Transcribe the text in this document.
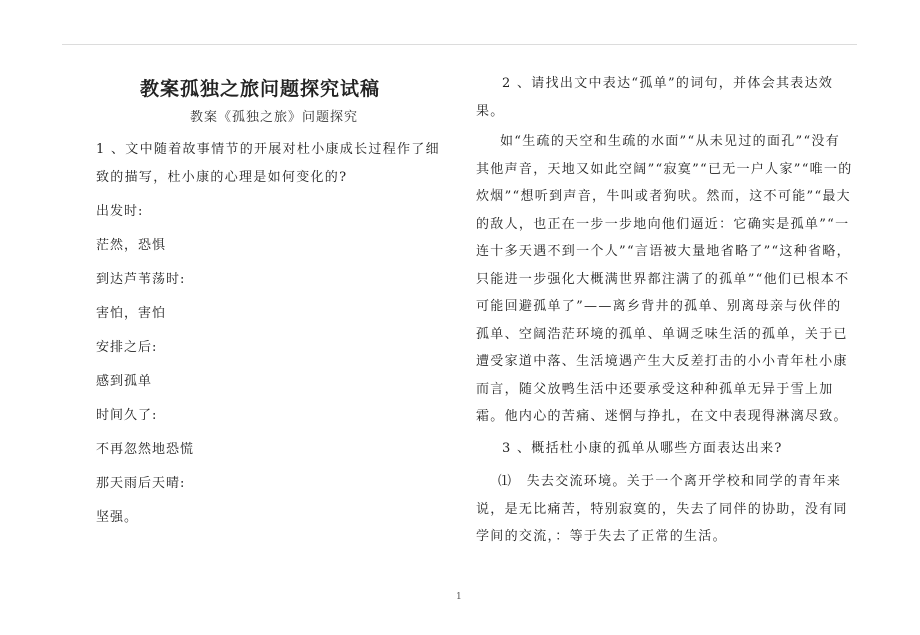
教案孤独之旅问题探究试稿
教案《孤独之旅》问题探究
1 、文中随着故事情节的开展对杜小康成长过程作了细致的描写，杜小康的心理是如何变化的?
出发时:
茫然，恐惧
到达芦苇荡时:
害怕，害怕
安排之后:
感到孤单
时间久了:
不再忽然地恐慌
那天雨后天晴:
坚强。
2 、请找出文中表达“孤单”的词句，并体会其表达效果。
如“生疏的天空和生疏的水面”“从未见过的面孔”“没有其他声音，天地又如此空阔”“寂寞”“已无一户人家”“唯一的炊烟”“想听到声音，牛叫或者狗吠。然而，这不可能”“最大的敌人，也正在一步一步地向他们逼近：它确实是孤单”“一连十多天遇不到一个人”“言语被大量地省略了”“这种省略，只能进一步强化大概满世界都注满了的孤单”“他们已根本不可能回避孤单了”——离乡背井的孤单、别离母亲与伙伴的孤单、空阔浩茫环境的孤单、单调乏味生活的孤单，关于已遭受家道中落、生活境遇产生大反差打击的小小青年杜小康而言，随父放鸭生活中还要承受这种种孤单无异于雪上加霜。他内心的苦痛、迷惘与挣扎，在文中表现得淋漓尽致。
3 、概括杜小康的孤单从哪些方面表达出来?
⑴　失去交流环境。关于一个离开学校和同学的青年来说，是无比痛苦，特别寂寞的，失去了同伴的协助，没有同学间的交流，：等于失去了正常的生活。
1
